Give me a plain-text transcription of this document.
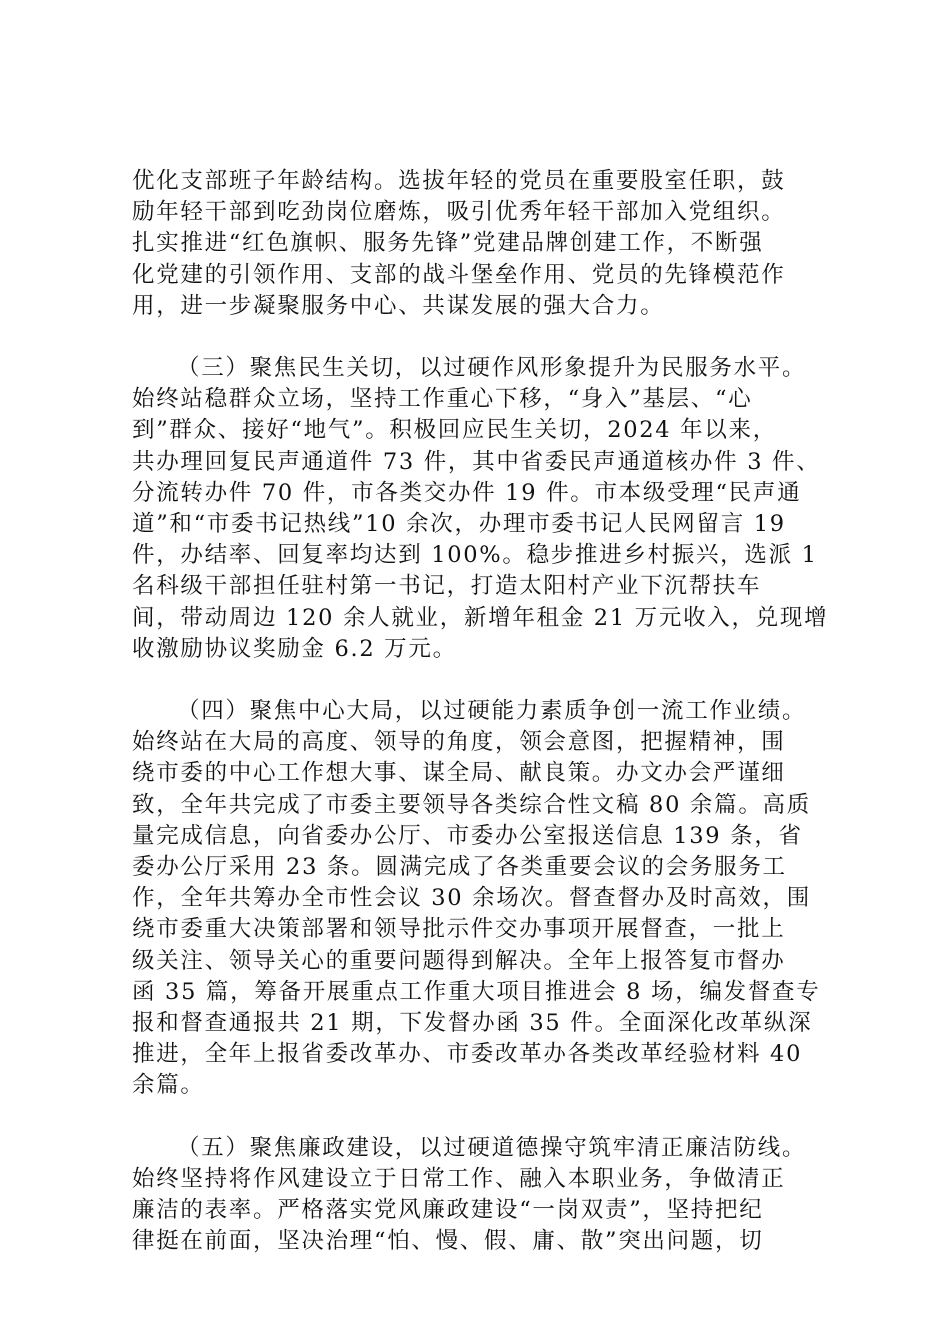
优化支部班子年龄结构。选拔年轻的党员在重要股室任职，鼓
励年轻干部到吃劲岗位磨炼，吸引优秀年轻干部加入党组织。
扎实推进“红色旗帜、服务先锋”党建品牌创建工作，不断强
化党建的引领作用、支部的战斗堡垒作用、党员的先锋模范作
用，进一步凝聚服务中心、共谋发展的强大合力。
（三）聚焦民生关切，以过硬作风形象提升为民服务水平。
始终站稳群众立场，坚持工作重心下移，“身入”基层、“心
到”群众、接好“地气”。积极回应民生关切，2024 年以来，
共办理回复民声通道件 73 件，其中省委民声通道核办件 3 件、
分流转办件 70 件，市各类交办件 19 件。市本级受理“民声通
道”和“市委书记热线”10 余次，办理市委书记人民网留言 19
件，办结率、回复率均达到 100%。稳步推进乡村振兴，选派 1
名科级干部担任驻村第一书记，打造太阳村产业下沉帮扶车
间，带动周边 120 余人就业，新增年租金 21 万元收入，兑现增
收激励协议奖励金 6.2 万元。
（四）聚焦中心大局，以过硬能力素质争创一流工作业绩。
始终站在大局的高度、领导的角度，领会意图，把握精神，围
绕市委的中心工作想大事、谋全局、献良策。办文办会严谨细
致，全年共完成了市委主要领导各类综合性文稿 80 余篇。高质
量完成信息，向省委办公厅、市委办公室报送信息 139 条，省
委办公厅采用 23 条。圆满完成了各类重要会议的会务服务工
作，全年共筹办全市性会议 30 余场次。督查督办及时高效，围
绕市委重大决策部署和领导批示件交办事项开展督查，一批上
级关注、领导关心的重要问题得到解决。全年上报答复市督办
函 35 篇，筹备开展重点工作重大项目推进会 8 场，编发督查专
报和督查通报共 21 期，下发督办函 35 件。全面深化改革纵深
推进，全年上报省委改革办、市委改革办各类改革经验材料 40
余篇。
（五）聚焦廉政建设，以过硬道德操守筑牢清正廉洁防线。
始终坚持将作风建设立于日常工作、融入本职业务，争做清正
廉洁的表率。严格落实党风廉政建设“一岗双责”，坚持把纪
律挺在前面，坚决治理“怕、慢、假、庸、散”突出问题，切
